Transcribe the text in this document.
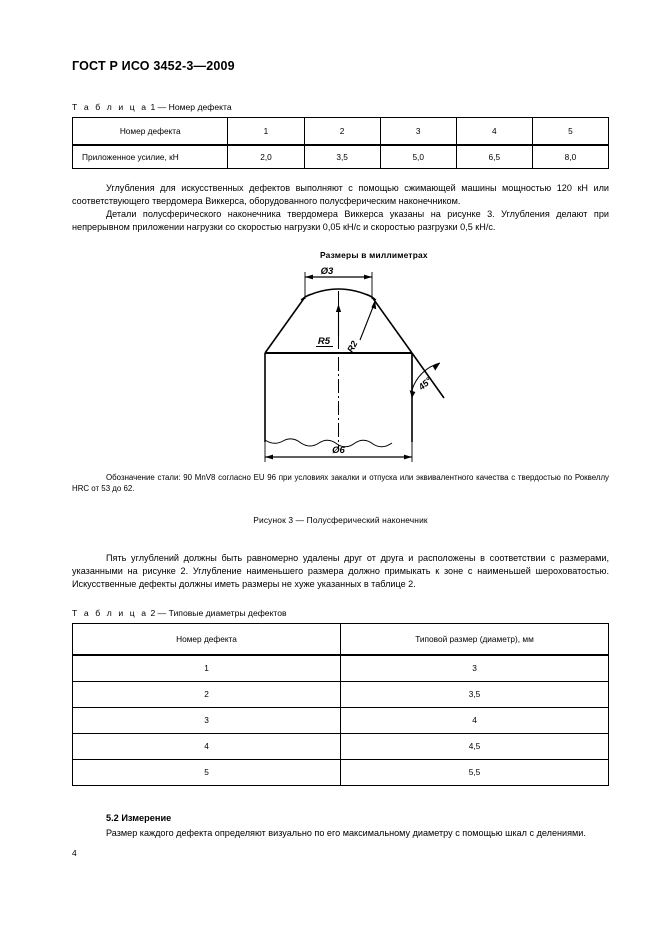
ГОСТ Р ИСО 3452-3—2009

Т а б л и ц а 1 — Номер дефекта

Номер дефекта	1	2	3	4	5
Приложенное усилие, кН	2,0	3,5	5,0	6,5	8,0

Углубления для искусственных дефектов выполняют с помощью сжимающей машины мощностью 120 кН или соответствующего твердомера Виккерса, оборудованного полусферическим наконечником.

Детали полусферического наконечника твердомера Виккерса указаны на рисунке 3. Углубления делают при непрерывном приложении нагрузки со скоростью нагрузки 0,05 кН/с и скоростью разгрузки 0,5 кН/с.

Размеры в миллиметрах
Ø3
Ø6
R5 R2
45°

Обозначение стали: 90 MnV8 согласно EU 96 при условиях закалки и отпуска или эквивалентного качества с твердостью по Роквеллу HRC от 53 до 62.

Рисунок 3 — Полусферический наконечник

Пять углублений должны быть равномерно удалены друг от друга и расположены в соответствии с размерами, указанными на рисунке 2. Углубление наименьшего размера должно примыкать к зоне с наименьшей шероховатостью. Искусственные дефекты должны иметь размеры не хуже указанных в таблице 2.

Т а б л и ц а 2 — Типовые диаметры дефектов

Номер дефекта	Типовой размер (диаметр), мм
1	3
2	3,5
3	4
4	4,5
5	5,5
5.2 Измерение

Размер каждого дефекта определяют визуально по его максимальному диаметру с помощью шкал с делениями.

4
